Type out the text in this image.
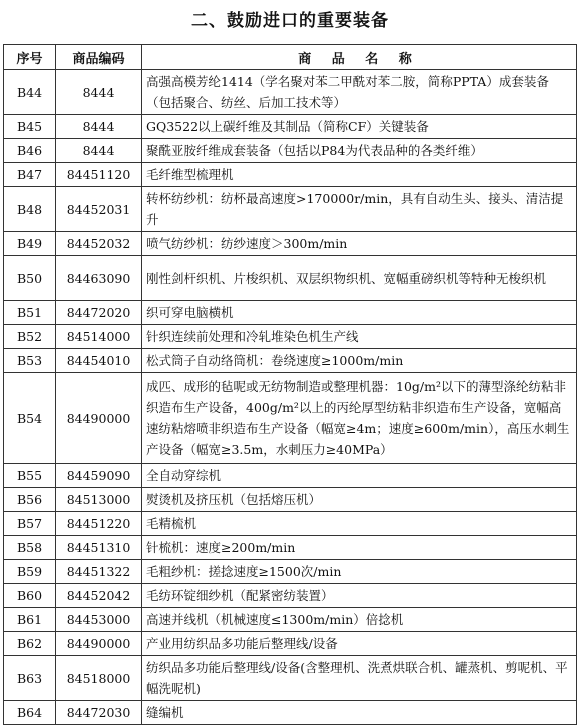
二、鼓励进口的重要装备
序号	商品编码	商 品 名 称
B44	8444	高强高模芳纶1414（学名聚对苯二甲酰对苯二胺，简称PPTA）成套装备（包括聚合、纺丝、后加工技术等）
B45	8444	GQ3522以上碳纤维及其制品（简称CF）关键装备
B46	8444	聚酰亚胺纤维成套装备（包括以P84为代表品种的各类纤维）
B47	84451120	毛纤维型梳理机
B48	84452031	转杯纺纱机：纺杯最高速度>170000r/min，具有自动生头、接头、清洁提升
B49	84452032	喷气纺纱机：纺纱速度＞300m/min
B50	84463090	刚性剑杆织机、片梭织机、双层织物织机、宽幅重磅织机等特种无梭织机
B51	84472020	织可穿电脑横机
B52	84514000	针织连续前处理和冷轧堆染色机生产线
B53	84454010	松式筒子自动络筒机：卷绕速度≥1000m/min
B54	84490000	成匹、成形的毡呢或无纺物制造或整理机器：10g/m²以下的薄型涤纶纺粘非织造布生产设备，400g/m²以上的丙纶厚型纺粘非织造布生产设备，宽幅高速纺粘熔喷非织造布生产设备（幅宽≥4m；速度≥600m/min），高压水刺生产设备（幅宽≥3.5m，水刺压力≥40MPa）
B55	84459090	全自动穿综机
B56	84513000	熨烫机及挤压机（包括熔压机）
B57	84451220	毛精梳机
B58	84451310	针梳机：速度≥200m/min
B59	84451322	毛粗纱机：搓捻速度≥1500次/min
B60	84452042	毛纺环锭细纱机（配紧密纺装置）
B61	84453000	高速并线机（机械速度≤1300m/min）倍捻机
B62	84490000	产业用纺织品多功能后整理线/设备
B63	84518000	纺织品多功能后整理线/设备(含整理机、洗煮烘联合机、罐蒸机、剪呢机、平幅洗呢机)
B64	84472030	缝编机
